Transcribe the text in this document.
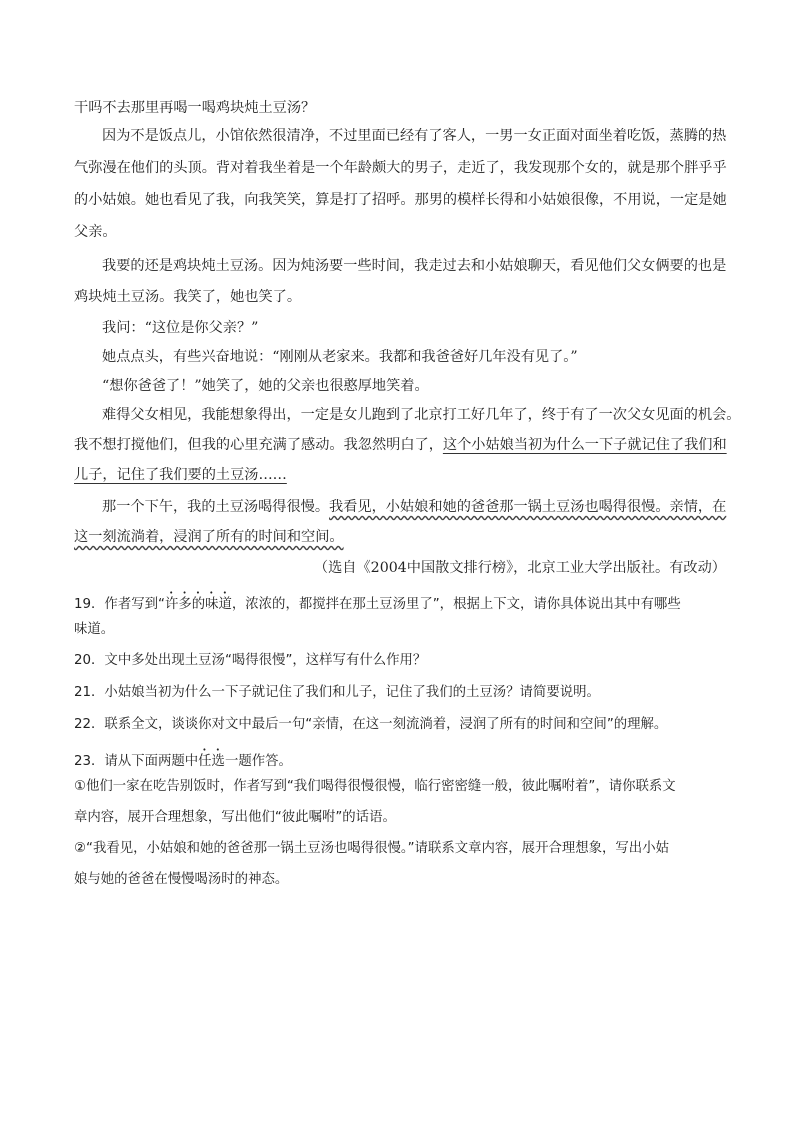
干吗不去那里再喝一喝鸡块炖土豆汤？
因为不是饭点儿，小馆依然很清净，不过里面已经有了客人，一男一女正面对面坐着吃饭，蒸腾的热
气弥漫在他们的头顶。背对着我坐着是一个年龄颇大的男子，走近了，我发现那个女的，就是那个胖乎乎
的小姑娘。她也看见了我，向我笑笑，算是打了招呼。那男的模样长得和小姑娘很像，不用说，一定是她
父亲。
我要的还是鸡块炖土豆汤。因为炖汤要一些时间，我走过去和小姑娘聊天，看见他们父女俩要的也是
鸡块炖土豆汤。我笑了，她也笑了。
我问：“这位是你父亲？”
她点点头，有些兴奋地说：“刚刚从老家来。我都和我爸爸好几年没有见了。”
“想你爸爸了！”她笑了，她的父亲也很憨厚地笑着。
难得父女相见，我能想象得出，一定是女儿跑到了北京打工好几年了，终于有了一次父女见面的机会。
我不想打搅他们，但我的心里充满了感动。我忽然明白了，这个小姑娘当初为什么一下子就记住了我们和
儿子，记住了我们要的土豆汤……
那一个下午，我的土豆汤喝得很慢。我看见，小姑娘和她的爸爸那一锅土豆汤也喝得很慢。亲情，在
这一刻流淌着，浸润了所有的时间和空间。
（选自《2004中国散文排行榜》，北京工业大学出版社。有改动）
19．作者写到“许多的味道，浓浓的，都搅拌在那土豆汤里了”，根据上下文，请你具体说出其中有哪些
味道。
20．文中多处出现土豆汤“喝得很慢”，这样写有什么作用？
21．小姑娘当初为什么一下子就记住了我们和儿子，记住了我们的土豆汤？请简要说明。
22．联系全文，谈谈你对文中最后一句“亲情，在这一刻流淌着，浸润了所有的时间和空间”的理解。
23．请从下面两题中任选一题作答。
①他们一家在吃告别饭时，作者写到“我们喝得很慢很慢，临行密密缝一般，彼此嘱咐着”，请你联系文
章内容，展开合理想象，写出他们“彼此嘱咐”的话语。
②“我看见，小姑娘和她的爸爸那一锅土豆汤也喝得很慢。”请联系文章内容，展开合理想象，写出小姑
娘与她的爸爸在慢慢喝汤时的神态。
